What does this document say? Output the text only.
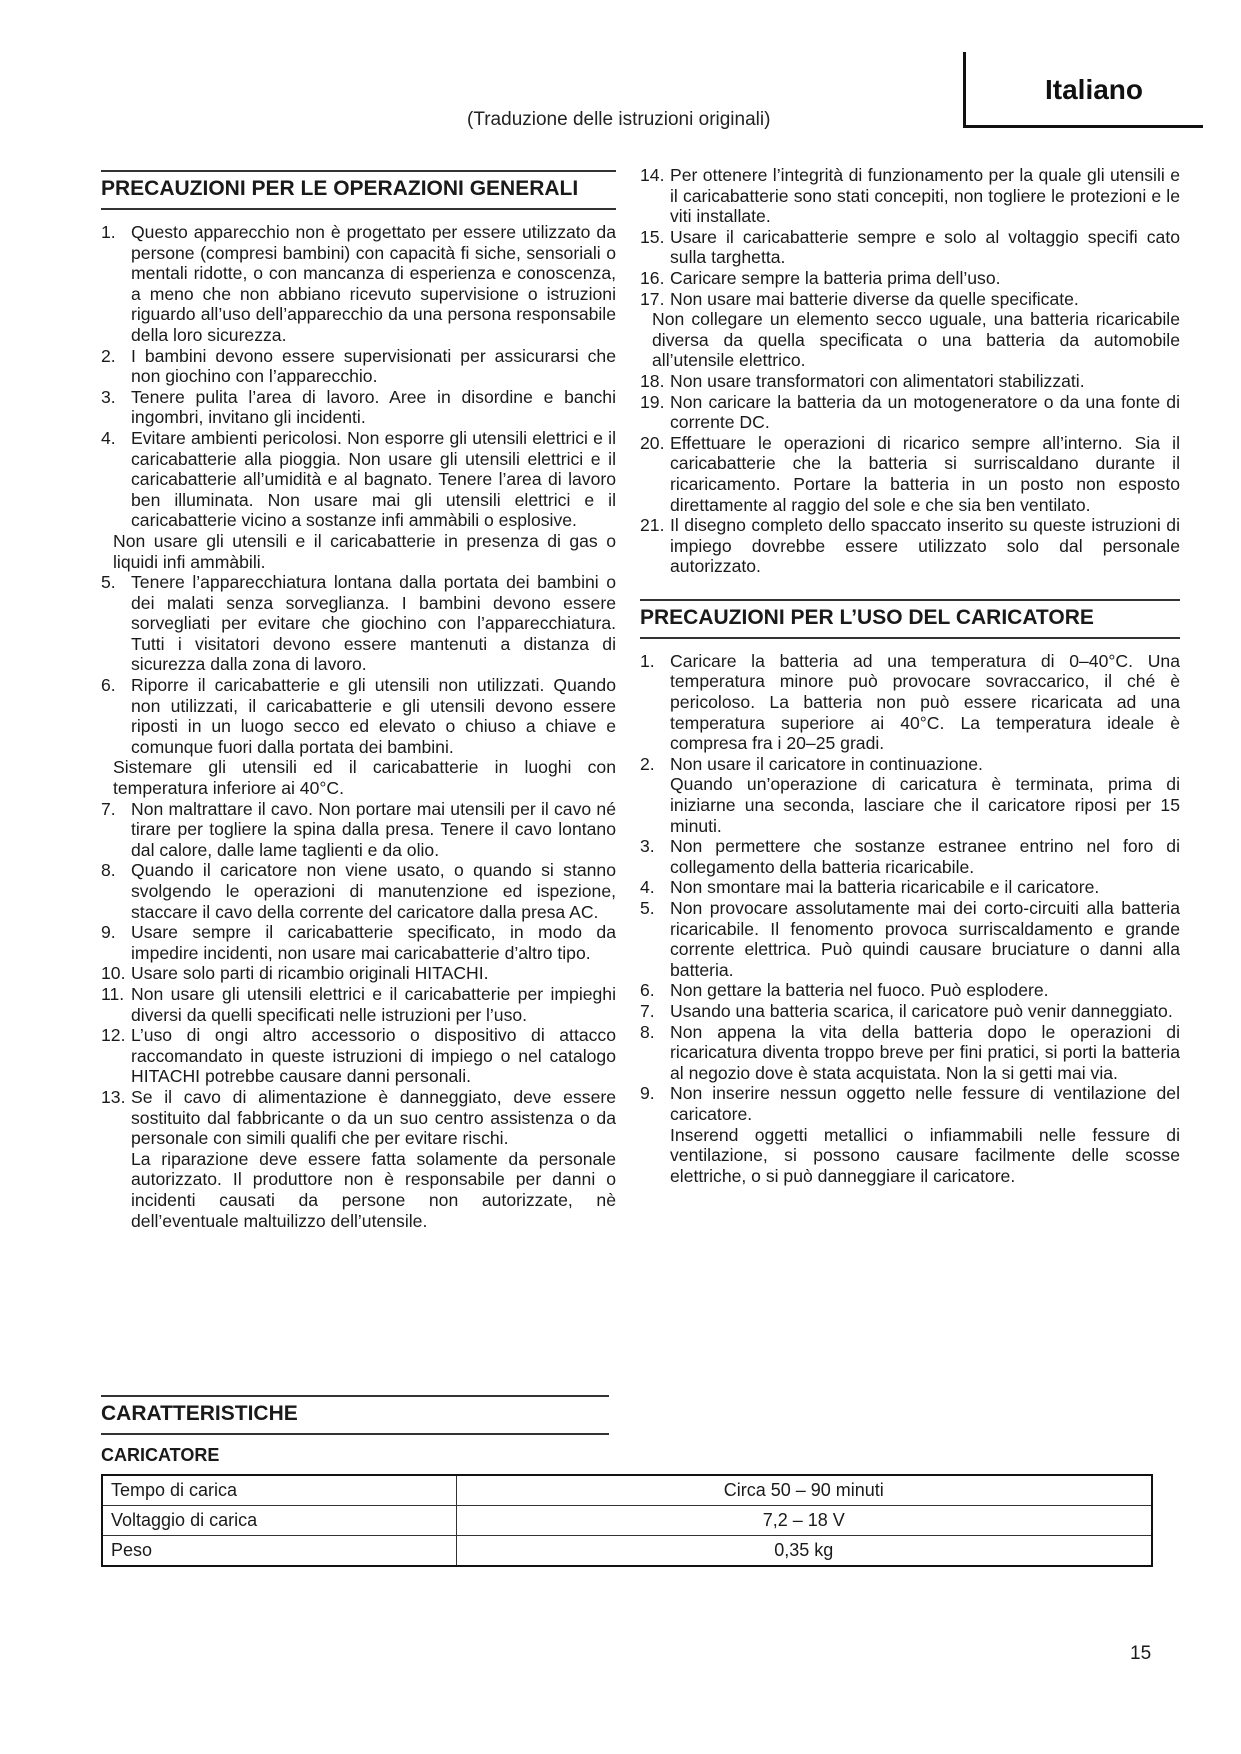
Italiano
(Traduzione delle istruzioni originali)
PRECAUZIONI PER LE OPERAZIONI GENERALI
1. Questo apparecchio non è progettato per essere utilizzato da persone (compresi bambini) con capacità fi siche, sensoriali o mentali ridotte, o con mancanza di esperienza e conoscenza, a meno che non abbiano ricevuto supervisione o istruzioni riguardo all’uso dell’apparecchio da una persona responsabile della loro sicurezza.

2. I bambini devono essere supervisionati per assicurarsi che non giochino con l’apparecchio.

3. Tenere pulita l’area di lavoro. Aree in disordine e banchi ingombri, invitano gli incidenti.

4. Evitare ambienti pericolosi. Non esporre gli utensili elettrici e il caricabatterie alla pioggia. Non usare gli utensili elettrici e il caricabatterie all’umidità e al bagnato. Tenere l’area di lavoro ben illuminata. Non usare mai gli utensili elettrici e il caricabatterie vicino a sostanze infi ammàbili o esplosive.

Non usare gli utensili e il caricabatterie in presenza di gas o liquidi infi ammàbili.

5. Tenere l’apparecchiatura lontana dalla portata dei bambini o dei malati senza sorveglianza. I bambini devono essere sorvegliati per evitare che giochino con l’apparecchiatura. Tutti i visitatori devono essere mantenuti a distanza di sicurezza dalla zona di lavoro.

6. Riporre il caricabatterie e gli utensili non utilizzati. Quando non utilizzati, il caricabatterie e gli utensili devono essere riposti in un luogo secco ed elevato o chiuso a chiave e comunque fuori dalla portata dei bambini.

Sistemare gli utensili ed il caricabatterie in luoghi con temperatura inferiore ai 40°C.

7. Non maltrattare il cavo. Non portare mai utensili per il cavo né tirare per togliere la spina dalla presa. Tenere il cavo lontano dal calore, dalle lame taglienti e da olio.

8. Quando il caricatore non viene usato, o quando si stanno svolgendo le operazioni di manutenzione ed ispezione, staccare il cavo della corrente del caricatore dalla presa AC.

9. Usare sempre il caricabatterie specificato, in modo da impedire incidenti, non usare mai caricabatterie d’altro tipo.

10. Usare solo parti di ricambio originali HITACHI.

11. Non usare gli utensili elettrici e il caricabatterie per impieghi diversi da quelli specificati nelle istruzioni per l’uso.

12. L’uso di ongi altro accessorio o dispositivo di attacco raccomandato in queste istruzioni di impiego o nel catalogo HITACHI potrebbe causare danni personali.

13. Se il cavo di alimentazione è danneggiato, deve essere sostituito dal fabbricante o da un suo centro assistenza o da personale con simili qualifi che per evitare rischi.

La riparazione deve essere fatta solamente da personale autorizzato. Il produttore non è responsabile per danni o incidenti causati da persone non autorizzate, nè dell’eventuale maltuilizzo dell’utensile.

14. Per ottenere l’integrità di funzionamento per la quale gli utensili e il caricabatterie sono stati concepiti, non togliere le protezioni e le viti installate.

15. Usare il caricabatterie sempre e solo al voltaggio specifi cato sulla targhetta.

16. Caricare sempre la batteria prima dell’uso.

17. Non usare mai batterie diverse da quelle specificate.

Non collegare un elemento secco uguale, una batteria ricaricabile diversa da quella specificata o una batteria da automobile all’utensile elettrico.

18. Non usare transformatori con alimentatori stabilizzati.

19. Non caricare la batteria da un motogeneratore o da una fonte di corrente DC.

20. Effettuare le operazioni di ricarico sempre all’interno. Sia il caricabatterie che la batteria si surriscaldano durante il ricaricamento. Portare la batteria in un posto non esposto direttamente al raggio del sole e che sia ben ventilato.

21. Il disegno completo dello spaccato inserito su queste istruzioni di impiego dovrebbe essere utilizzato solo dal personale autorizzato.

PRECAUZIONI PER L’USO DEL CARICATORE
1. Caricare la batteria ad una temperatura di 0–40°C. Una temperatura minore può provocare sovraccarico, il ché è pericoloso. La batteria non può essere ricaricata ad una temperatura superiore ai 40°C. La temperatura ideale è compresa fra i 20–25 gradi.

2. Non usare il caricatore in continuazione.

Quando un’operazione di caricatura è terminata, prima di iniziarne una seconda, lasciare che il caricatore riposi per 15 minuti.

3. Non permettere che sostanze estranee entrino nel foro di collegamento della batteria ricaricabile.

4. Non smontare mai la batteria ricaricabile e il caricatore.

5. Non provocare assolutamente mai dei corto-circuiti alla batteria ricaricabile. Il fenomento provoca surriscaldamento e grande corrente elettrica. Può quindi causare bruciature o danni alla batteria.

6. Non gettare la batteria nel fuoco. Può esplodere.

7. Usando una batteria scarica, il caricatore può venir danneggiato.

8. Non appena la vita della batteria dopo le operazioni di ricaricatura diventa troppo breve per fini pratici, si porti la batteria al negozio dove è stata acquistata. Non la si getti mai via.

9. Non inserire nessun oggetto nelle fessure di ventilazione del caricatore.

Inserend oggetti metallici o infiammabili nelle fessure di ventilazione, si possono causare facilmente delle scosse elettriche, o si può danneggiare il caricatore.

CARATTERISTICHE
CARICATORE
Tempo di carica	Circa 50 – 90 minuti
Voltaggio di carica	7,2 – 18 V
Peso	0,35 kg
15
